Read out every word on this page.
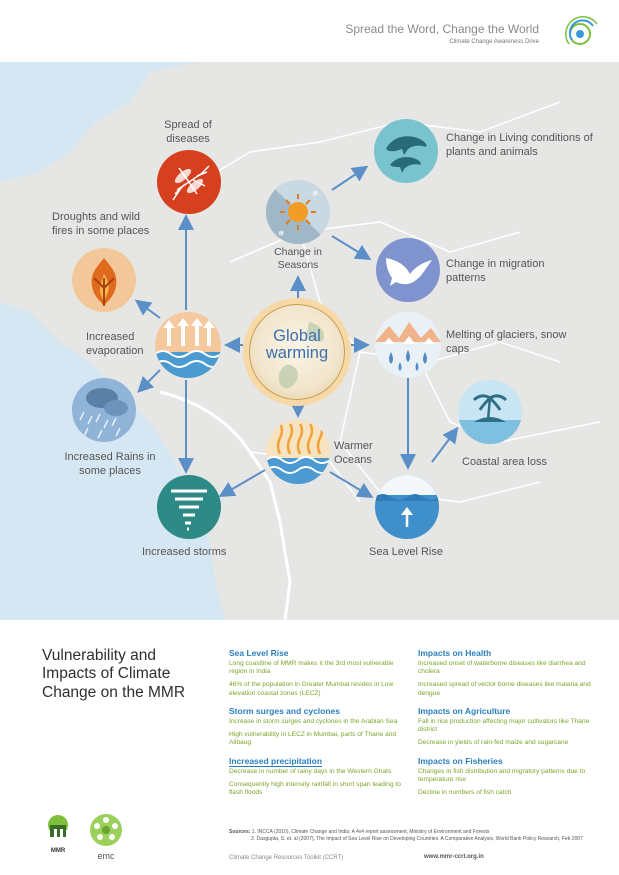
Spread the Word, Change the World
Climate Change Awareness Drive
Global warming
❄
❄
Change in Seasons
Change in Living conditions of plants and animals
Change in migration patterns
Melting of glaciers, snow caps
Coastal area loss
Sea Level Rise
Warmer Oceans
Increased storms
Increased Rains in some places
Increased evaporation
Droughts and wild fires in some places
Spread of diseases
Vulnerability and Impacts of Climate Change on the MMR
Sea Level Rise
Long coastline of MMR makes it the 3rd most vulnerable region in India
46% of the population in Greater Mumbai resides in Low elevation coastal zones (LECZ)
Storm surges and cyclones
Increase in storm surges and cyclones in the Arabian Sea
High vulnerability in LECZ in Mumbai, parts of Thane and Alibaug
Increased precipitation
Decrease in number of rainy days in the Western Ghats
Consequently high intensity rainfall in short span leading to flash floods
Impacts on Health
Increased onset of waterborne diseases like diarrhea and cholera
Increased spread of vector borne diseases like malaria and dengue
Impacts on Agriculture
Fall in rice production affecting major cultivators like Thane district
Decrease in yields of rain-fed maize and sugarcane
Impacts on Fisheries
Changes in fish distribution and migratory patterns due to temperature rise
Decline in numbers of fish catch
Sources: 1. INCCA (2010), Climate Change and India: A 4x4 report assessment, Ministry of Environment and Forests
2. Dasgupta, S. et. al (2007), The Impact of Sea Level Rise on Developing Countries: A Comparative Analysis, World Bank Policy Research, Feb 2007
Climate Change Resources Toolkit (CCRT)	www.mmr-ccrt.org.in
MMR	emc
